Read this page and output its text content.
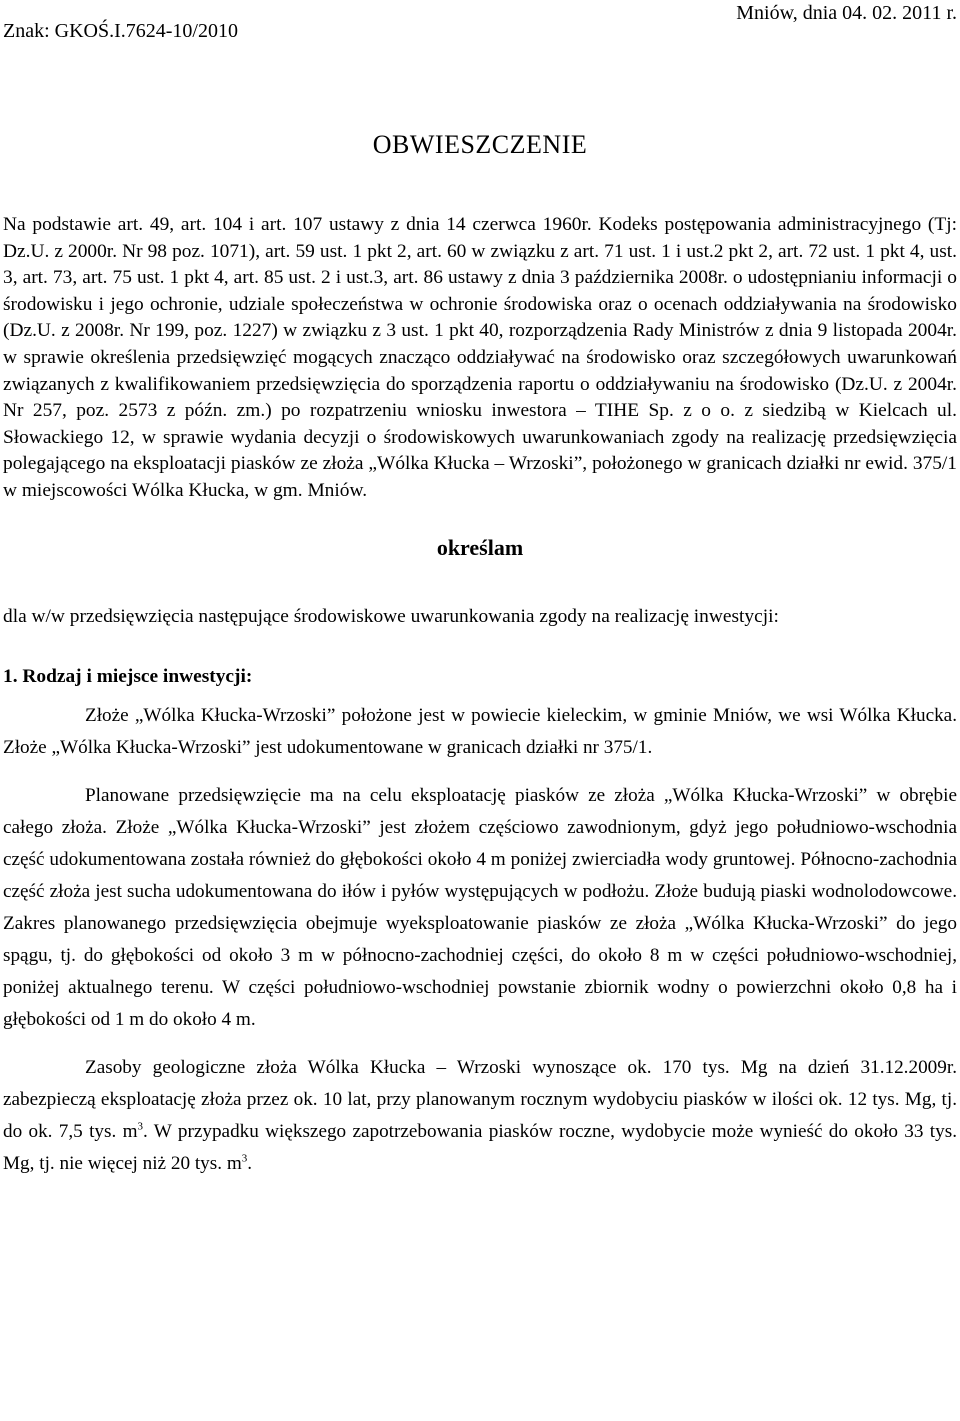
Znak: GKOŚ.I.7624-10/2010
Mniów, dnia 04. 02. 2011 r.
OBWIESZCZENIE

Na podstawie art. 49, art. 104 i art. 107 ustawy z dnia 14 czerwca 1960r. Kodeks postępowania administracyjnego (Tj: Dz.U. z 2000r. Nr 98 poz. 1071), art. 59 ust. 1 pkt 2, art. 60 w związku z art. 71 ust. 1 i ust.2 pkt 2, art. 72 ust. 1 pkt 4, ust. 3, art. 73, art. 75 ust. 1 pkt 4, art. 85 ust. 2 i ust.3, art. 86 ustawy z dnia 3 października 2008r. o udostępnianiu informacji o środowisku i jego ochronie, udziale społeczeństwa w ochronie środowiska oraz o ocenach oddziaływania na środowisko (Dz.U. z 2008r. Nr 199, poz. 1227) w związku z 3 ust. 1 pkt 40, rozporządzenia Rady Ministrów z dnia 9 listopada 2004r. w sprawie określenia przedsięwzięć mogących znacząco oddziaływać na środowisko oraz szczegółowych uwarunkowań związanych z kwalifikowaniem przedsięwzięcia do sporządzenia raportu o oddziaływaniu na środowisko (Dz.U. z 2004r. Nr 257, poz. 2573 z późn. zm.) po rozpatrzeniu wniosku inwestora – TIHE Sp. z o o. z siedzibą w Kielcach ul. Słowackiego 12, w sprawie wydania decyzji o środowiskowych uwarunkowaniach zgody na realizację przedsięwzięcia polegającego na eksploatacji piasków ze złoża „Wólka Kłucka – Wrzoski”, położonego w granicach działki nr ewid. 375/1 w miejscowości Wólka Kłucka, w gm. Mniów.

określam
dla w/w przedsięwzięcia następujące środowiskowe uwarunkowania zgody na realizację inwestycji:
1. Rodzaj i miejsce inwestycji:

Złoże „Wólka Kłucka-Wrzoski” położone jest w powiecie kieleckim, w gminie Mniów, we wsi Wólka Kłucka. Złoże „Wólka Kłucka-Wrzoski” jest udokumentowane w granicach działki nr 375/1.

Planowane przedsięwzięcie ma na celu eksploatację piasków ze złoża „Wólka Kłucka-Wrzoski” w obrębie całego złoża. Złoże „Wólka Kłucka-Wrzoski” jest złożem częściowo zawodnionym, gdyż jego południowo-wschodnia część udokumentowana została również do głębokości około 4 m poniżej zwierciadła wody gruntowej. Północno-zachodnia część złoża jest sucha udokumentowana do iłów i pyłów występujących w podłożu. Złoże budują piaski wodnolodowcowe. Zakres planowanego przedsięwzięcia obejmuje wyeksploatowanie piasków ze złoża „Wólka Kłucka-Wrzoski” do jego spągu, tj. do głębokości od około 3 m w północno-zachodniej części, do około 8 m w części południowo-wschodniej, poniżej aktualnego terenu. W części południowo-wschodniej powstanie zbiornik wodny o powierzchni około 0,8 ha i głębokości od 1 m do około 4 m.

Zasoby geologiczne złoża Wólka Kłucka – Wrzoski wynoszące ok. 170 tys. Mg na dzień 31.12.2009r. zabezpieczą eksploatację złoża przez ok. 10 lat, przy planowanym rocznym wydobyciu piasków w ilości ok. 12 tys. Mg, tj. do ok. 7,5 tys. $m^3$. W przypadku większego zapotrzebowania piasków roczne, wydobycie może wynieść do około 33 tys. Mg, tj. nie więcej niż 20 tys. $m^3$.
